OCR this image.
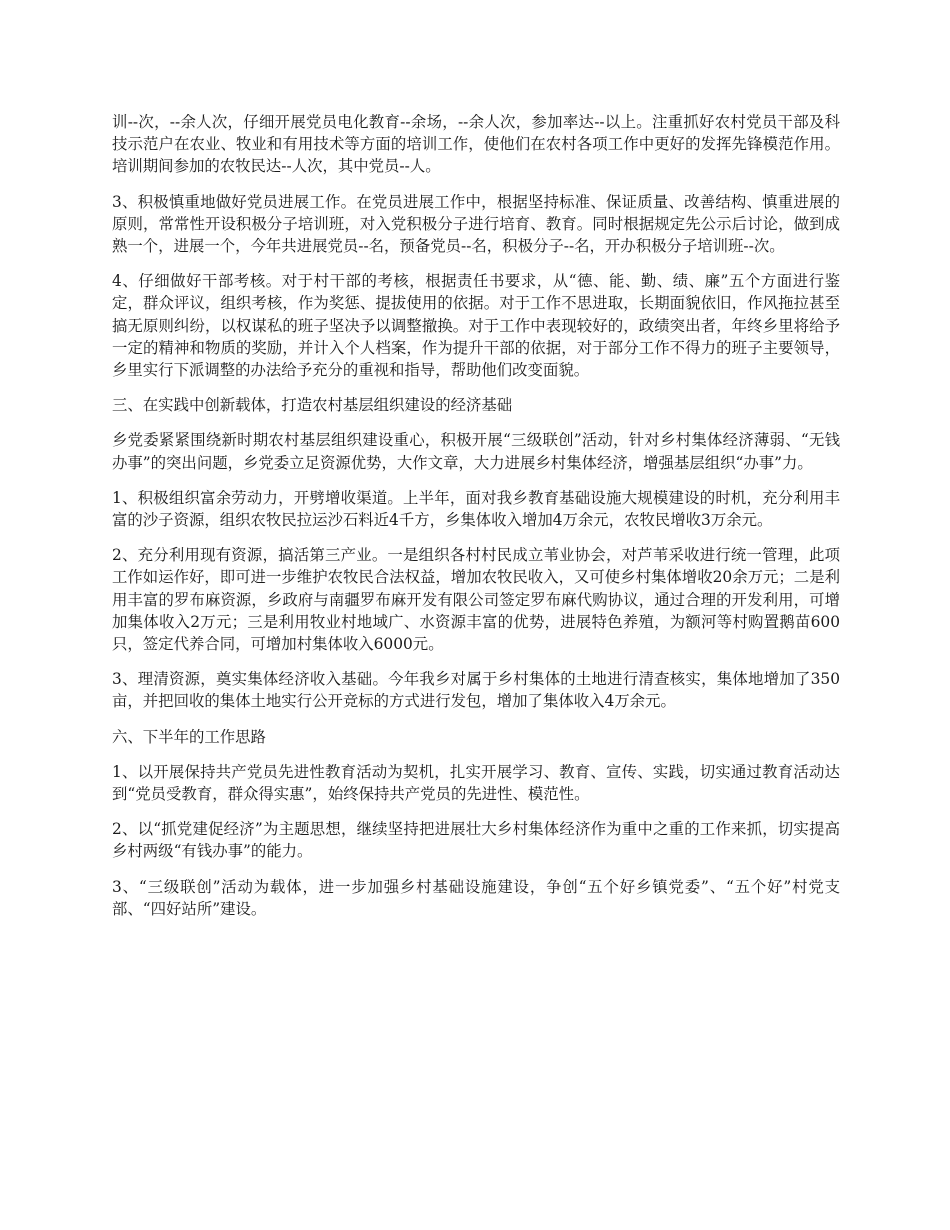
训--次，--余人次，仔细开展党员电化教育--余场，--余人次，参加率达--以上。注重抓好农村党员干部及科技示范户在农业、牧业和有用技术等方面的培训工作，使他们在农村各项工作中更好的发挥先锋模范作用。培训期间参加的农牧民达--人次，其中党员--人。

3、积极慎重地做好党员进展工作。在党员进展工作中，根据坚持标准、保证质量、改善结构、慎重进展的原则，常常性开设积极分子培训班，对入党积极分子进行培育、教育。同时根据规定先公示后讨论，做到成熟一个，进展一个，今年共进展党员--名，预备党员--名，积极分子--名，开办积极分子培训班--次。

4、仔细做好干部考核。对于村干部的考核，根据责任书要求，从“德、能、勤、绩、廉”五个方面进行鉴定，群众评议，组织考核，作为奖惩、提拔使用的依据。对于工作不思进取，长期面貌依旧，作风拖拉甚至搞无原则纠纷，以权谋私的班子坚决予以调整撤换。对于工作中表现较好的，政绩突出者，年终乡里将给予一定的精神和物质的奖励，并计入个人档案，作为提升干部的依据，对于部分工作不得力的班子主要领导，乡里实行下派调整的办法给予充分的重视和指导，帮助他们改变面貌。

三、在实践中创新载体，打造农村基层组织建设的经济基础

乡党委紧紧围绕新时期农村基层组织建设重心，积极开展“三级联创”活动，针对乡村集体经济薄弱、“无钱办事”的突出问题，乡党委立足资源优势，大作文章，大力进展乡村集体经济，增强基层组织“办事”力。

1、积极组织富余劳动力，开劈增收渠道。上半年，面对我乡教育基础设施大规模建设的时机，充分利用丰富的沙子资源，组织农牧民拉运沙石料近4千方，乡集体收入增加4万余元，农牧民增收3万余元。

2、充分利用现有资源，搞活第三产业。一是组织各村村民成立苇业协会，对芦苇采收进行统一管理，此项工作如运作好，即可进一步维护农牧民合法权益，增加农牧民收入，又可使乡村集体增收20余万元；二是利用丰富的罗布麻资源，乡政府与南疆罗布麻开发有限公司签定罗布麻代购协议，通过合理的开发利用，可增加集体收入2万元；三是利用牧业村地域广、水资源丰富的优势，进展特色养殖，为额河等村购置鹅苗600只，签定代养合同，可增加村集体收入6000元。

3、理清资源，奠实集体经济收入基础。今年我乡对属于乡村集体的土地进行清查核实，集体地增加了350亩，并把回收的集体土地实行公开竞标的方式进行发包，增加了集体收入4万余元。

六、下半年的工作思路

1、以开展保持共产党员先进性教育活动为契机，扎实开展学习、教育、宣传、实践，切实通过教育活动达到“党员受教育，群众得实惠”，始终保持共产党员的先进性、模范性。

2、以“抓党建促经济”为主题思想，继续坚持把进展壮大乡村集体经济作为重中之重的工作来抓，切实提高乡村两级“有钱办事”的能力。

3、“三级联创”活动为载体，进一步加强乡村基础设施建设，争创“五个好乡镇党委”、“五个好”村党支部、“四好站所”建设。
